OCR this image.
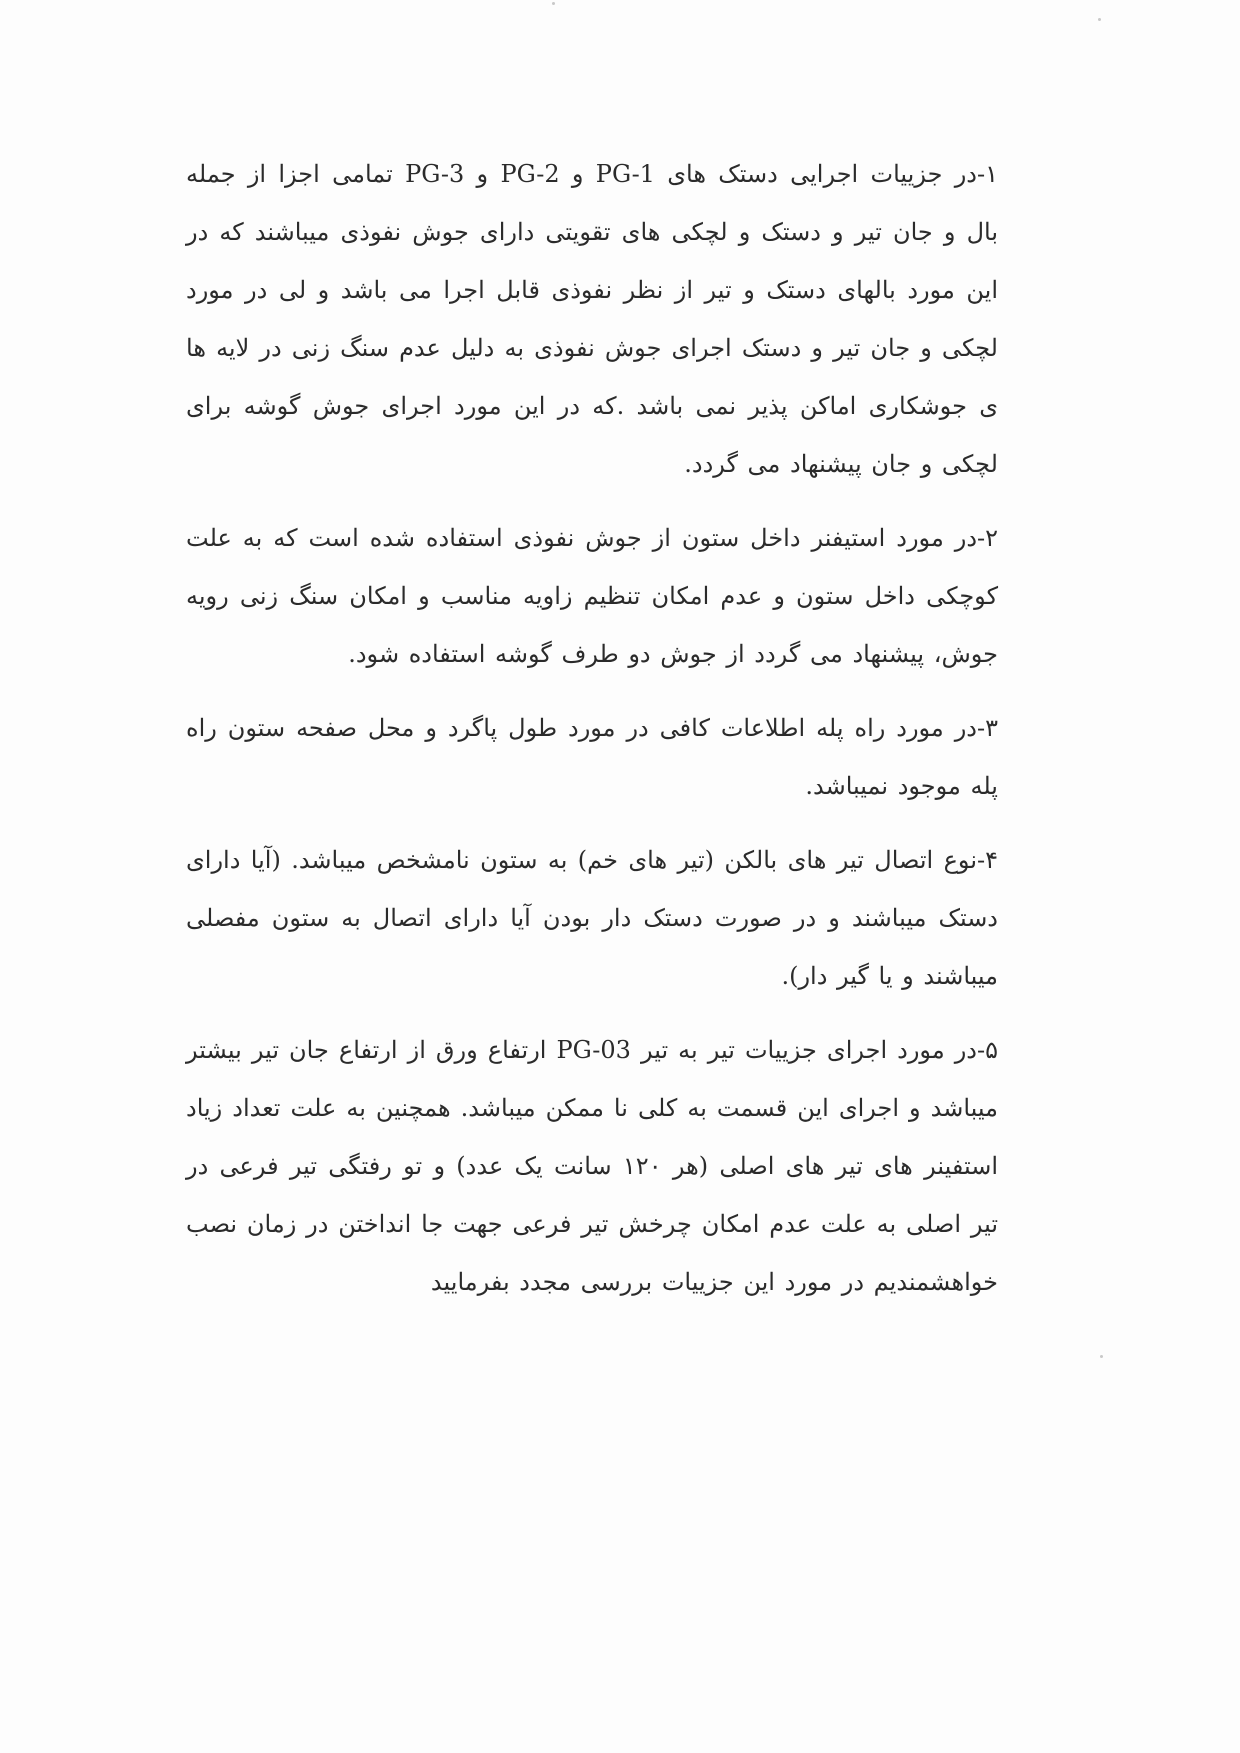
۱-در جزییات اجرایی دستک های PG-1 و PG-2 و PG-3 تمامی اجزا از جمله بال و جان تیر و دستک و لچکی های تقویتی دارای جوش نفوذی میباشند که در این مورد بالهای دستک و تیر از نظر نفوذی قابل اجرا می باشد و لی در مورد لچکی و جان تیر و دستک اجرای جوش نفوذی به دلیل عدم سنگ زنی در لایه ها ی جوشکاری اماکن پذیر نمی باشد .که در این مورد اجرای جوش گوشه برای لچکی و جان پیشنهاد می گردد.

۲-در مورد استیفنر داخل ستون از جوش نفوذی استفاده شده است که به علت کوچکی داخل ستون و عدم امکان تنظیم زاویه مناسب و امکان سنگ زنی رویه جوش، پیشنهاد می گردد از جوش دو طرف گوشه استفاده شود.

۳-در مورد راه پله اطلاعات کافی در مورد طول پاگرد و محل صفحه ستون راه پله موجود نمیباشد.

۴-نوع اتصال تیر های بالکن (تیر های خم) به ستون نامشخص میباشد. (آیا دارای دستک میباشند و در صورت دستک دار بودن آیا دارای اتصال به ستون مفصلی میباشند و یا گیر دار).

۵-در مورد اجرای جزییات تیر به تیر PG-03 ارتفاع ورق از ارتفاع جان تیر بیشتر میباشد و اجرای این قسمت به کلی نا ممکن میباشد. همچنین به علت تعداد زیاد استفینر های تیر های اصلی (هر ۱۲۰ سانت یک عدد) و تو رفتگی تیر فرعی در تیر اصلی به علت عدم امکان چرخش تیر فرعی جهت جا انداختن در زمان نصب خواهشمندیم در مورد این جزییات بررسی مجدد بفرمایید
